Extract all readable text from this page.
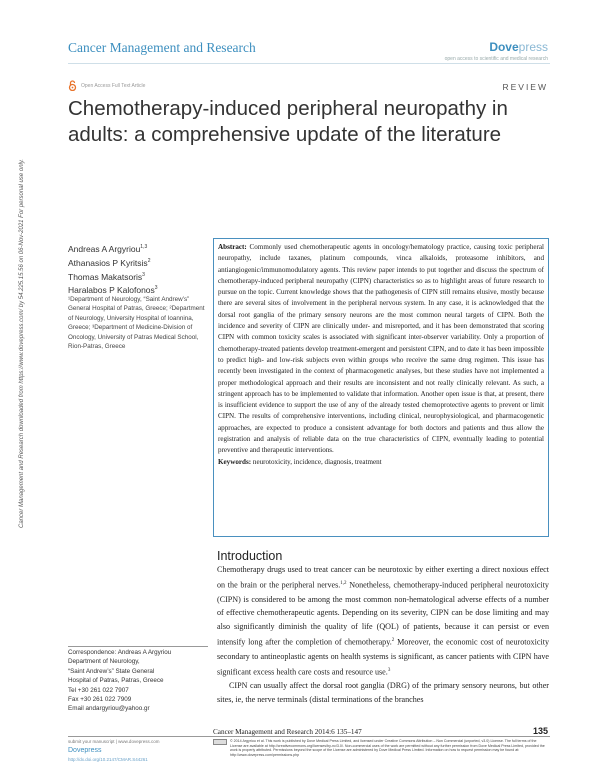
Cancer Management and Research	Dovepress
open access to scientific and medical research
Open Access Full Text Article	REVIEW
Chemotherapy-induced peripheral neuropathy in adults: a comprehensive update of the literature
Cancer Management and Research downloaded from https://www.dovepress.com/ by 54.225.15.56 on 06-Nov-2021 For personal use only.	Andreas A Argyriou$^{1,3}$
Athanasios P Kyritsis$^2$
Thomas Makatsoris$^3$
Haralabos P Kalofonos$^3$
¹Department of Neurology, “Saint Andrew’s” General Hospital of Patras, Greece; ²Department of Neurology, University Hospital of Ioannina, Greece; ³Department of Medicine-Division of Oncology, University of Patras Medical School, Rion-Patras, Greece
Abstract: Commonly used chemotherapeutic agents in oncology/hematology practice, causing toxic peripheral neuropathy, include taxanes, platinum compounds, vinca alkaloids, proteasome inhibitors, and antiangiogenic/immunomodulatory agents. This review paper intends to put together and discuss the spectrum of chemotherapy-induced peripheral neuropathy (CIPN) characteristics so as to highlight areas of future research to pursue on the topic. Current knowledge shows that the pathogenesis of CIPN still remains elusive, mostly because there are several sites of involvement in the peripheral nervous system. In any case, it is acknowledged that the dorsal root ganglia of the primary sensory neurons are the most common neural targets of CIPN. Both the incidence and severity of CIPN are clinically under- and misreported, and it has been demonstrated that scoring CIPN with common toxicity scales is associated with significant inter-observer variability. Only a proportion of chemotherapy-treated patients develop treatment-emergent and persistent CIPN, and to date it has been impossible to predict high- and low-risk subjects even within groups who receive the same drug regimen. This issue has recently been investigated in the context of pharmacogenetic analyses, but these studies have not implemented a proper methodological approach and their results are inconsistent and not really clinically relevant. As such, a stringent approach has to be implemented to validate that information. Another open issue is that, at present, there is insufficient evidence to support the use of any of the already tested chemoprotective agents to prevent or limit CIPN. The results of comprehensive interventions, including clinical, neurophysiological, and pharmacogenetic approaches, are expected to produce a consistent advantage for both doctors and patients and thus allow the registration and analysis of reliable data on the true characteristics of CIPN, eventually leading to potential preventive and therapeutic interventions.
Keywords: neurotoxicity, incidence, diagnosis, treatment
Introduction

Chemotherapy drugs used to treat cancer can be neurotoxic by either exerting a direct noxious effect on the brain or the peripheral nerves.$^{1,2}$ Nonetheless, chemotherapy-induced peripheral neurotoxicity (CIPN) is considered to be among the most common non-hematological adverse effects of a number of effective chemotherapeutic agents. Depending on its severity, CIPN can be dose limiting and may also significantly diminish the quality of life (QOL) of patients, because it can persist or even intensify long after the completion of chemotherapy.$^2$ Moreover, the economic cost of neurotoxicity secondary to antineoplastic agents on health systems is significant, as cancer patients with CIPN have significant excess health care costs and resource use.$^3$

CIPN can usually affect the dorsal root ganglia (DRG) of the primary sensory neurons, but other sites, ie, the nerve terminals (distal terminations of the branches

Correspondence: Andreas A Argyriou
Department of Neurology,
“Saint Andrew’s” State General
Hospital of Patras, Patras, Greece
Tel +30 261 022 7907
Fax +30 261 022 7909
Email andargyriou@yahoo.gr
Cancer Management and Research 2014:6 135–147	135
submit your manuscript | www.dovepress.com
Dovepress
http://dx.doi.org/10.2147/CMAR.S44261
© 2014 Argyriou et al. This work is published by Dove Medical Press Limited, and licensed under Creative Commons Attribution – Non Commercial (unported, v3.0) License. The full terms of the License are available at http://creativecommons.org/licenses/by-nc/3.0/. Non-commercial uses of the work are permitted without any further permission from Dove Medical Press Limited, provided the work is properly attributed. Permissions beyond the scope of the License are administered by Dove Medical Press Limited. Information on how to request permission may be found at: http://www.dovepress.com/permissions.php
